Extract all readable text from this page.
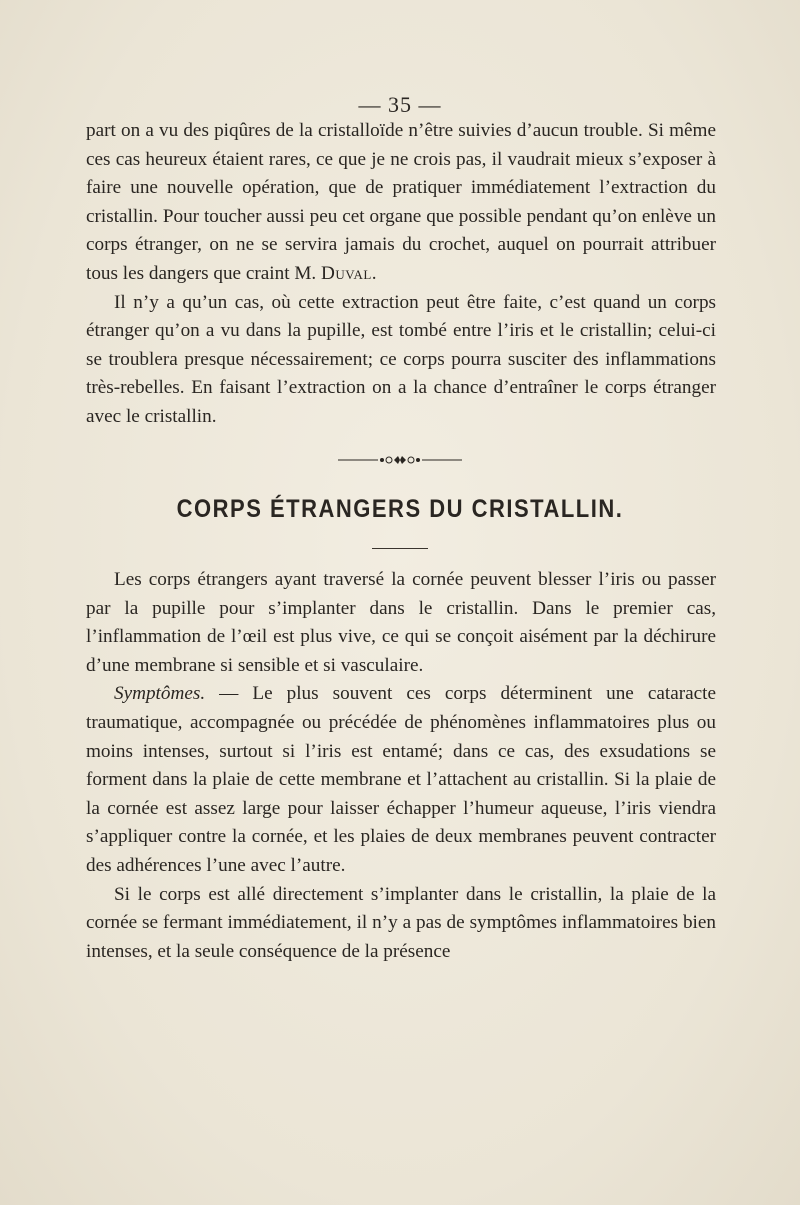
— 35 —

part on a vu des piqûres de la cristalloïde n’être suivies d’aucun trouble. Si même ces cas heureux étaient rares, ce que je ne crois pas, il vaudrait mieux s’exposer à faire une nouvelle opération, que de pratiquer immédiatement l’extraction du cristallin. Pour toucher aussi peu cet organe que possible pendant qu’on enlève un corps étranger, on ne se servira jamais du crochet, auquel on pourrait attribuer tous les dangers que craint M. Duval.

Il n’y a qu’un cas, où cette extraction peut être faite, c’est quand un corps étranger qu’on a vu dans la pupille, est tombé entre l’iris et le cristallin; celui-ci se troublera presque nécessairement; ce corps pourra susciter des inflammations très-rebelles. En faisant l’extraction on a la chance d’entraîner le corps étranger avec le cristallin.

CORPS ÉTRANGERS DU CRISTALLIN.

Les corps étrangers ayant traversé la cornée peuvent blesser l’iris ou passer par la pupille pour s’implanter dans le cristallin. Dans le premier cas, l’inflammation de l’œil est plus vive, ce qui se conçoit aisément par la déchirure d’une membrane si sensible et si vasculaire.

Symptômes. — Le plus souvent ces corps déterminent une cataracte traumatique, accompagnée ou précédée de phénomènes inflammatoires plus ou moins intenses, surtout si l’iris est entamé; dans ce cas, des exsudations se forment dans la plaie de cette membrane et l’attachent au cristallin. Si la plaie de la cornée est assez large pour laisser échapper l’humeur aqueuse, l’iris viendra s’appliquer contre la cornée, et les plaies de deux membranes peuvent contracter des adhérences l’une avec l’autre.

Si le corps est allé directement s’implanter dans le cristallin, la plaie de la cornée se fermant immédiatement, il n’y a pas de symptômes inflammatoires bien intenses, et la seule conséquence de la présence
